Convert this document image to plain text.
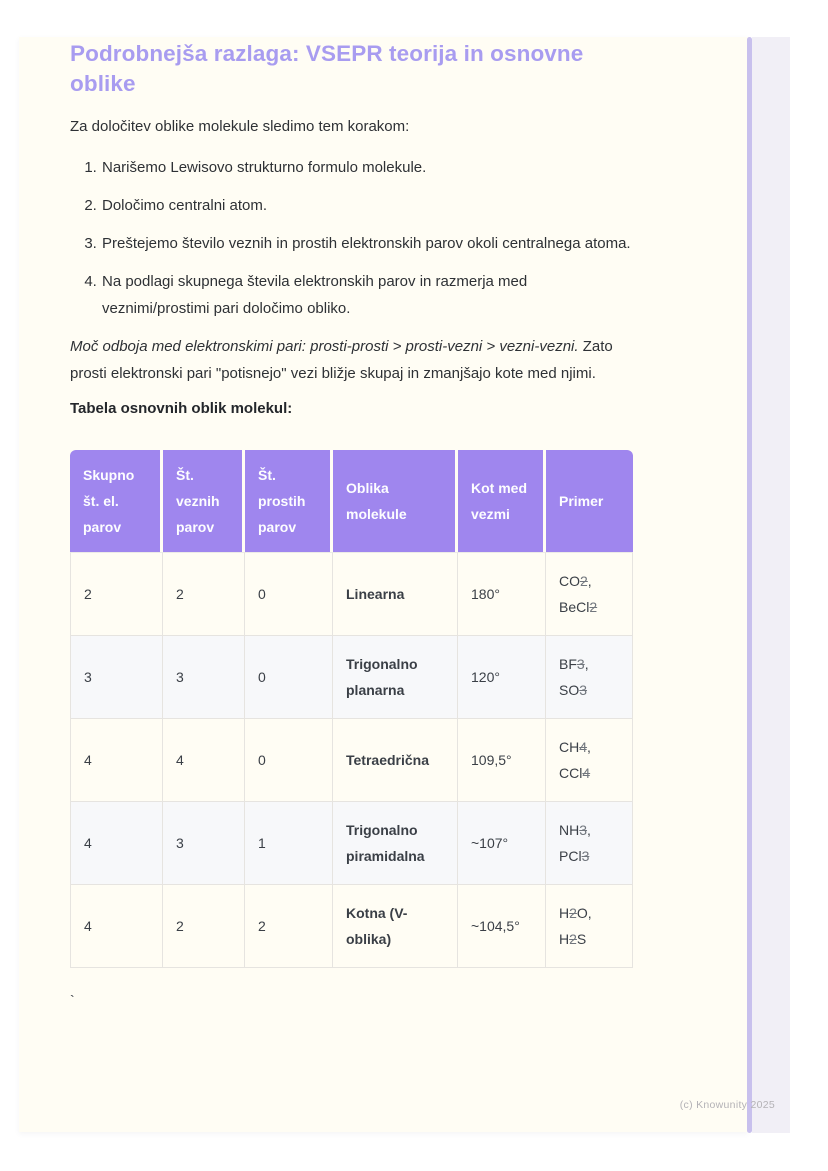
Podrobnejša razlaga: VSEPR teorija in osnovne oblike

Za določitev oblike molekule sledimo tem korakom:

1. Narišemo Lewisovo strukturno formulo molekule.
2. Določimo centralni atom.
3. Preštejemo število veznih in prostih elektronskih parov okoli centralnega atoma.
4. Na podlagi skupnega števila elektronskih parov in razmerja med veznimi/prostimi pari določimo obliko.

Moč odboja med elektronskimi pari: prosti-prosti > prosti-vezni > vezni-vezni. Zato prosti elektronski pari "potisnejo" vezi bližje skupaj in zmanjšajo kote med njimi.

Tabela osnovnih oblik molekul:

Skupno št. el. parov	Št. veznih parov	Št. prostih parov	Oblika molekule	Kot med vezmi	Primer
2	2	0	Linearna	180°	CO2, BeCl2
3	3	0	Trigonalno planarna	120°	BF3, SO3
4	4	0	Tetraedrična	109,5°	CH4, CCl4
4	3	1	Trigonalno piramidalna	~107°	NH3, PCl3
4	2	2	Kotna (V-oblika)	~104,5°	H2O, H2S
`
(c) Knowunity 2025
